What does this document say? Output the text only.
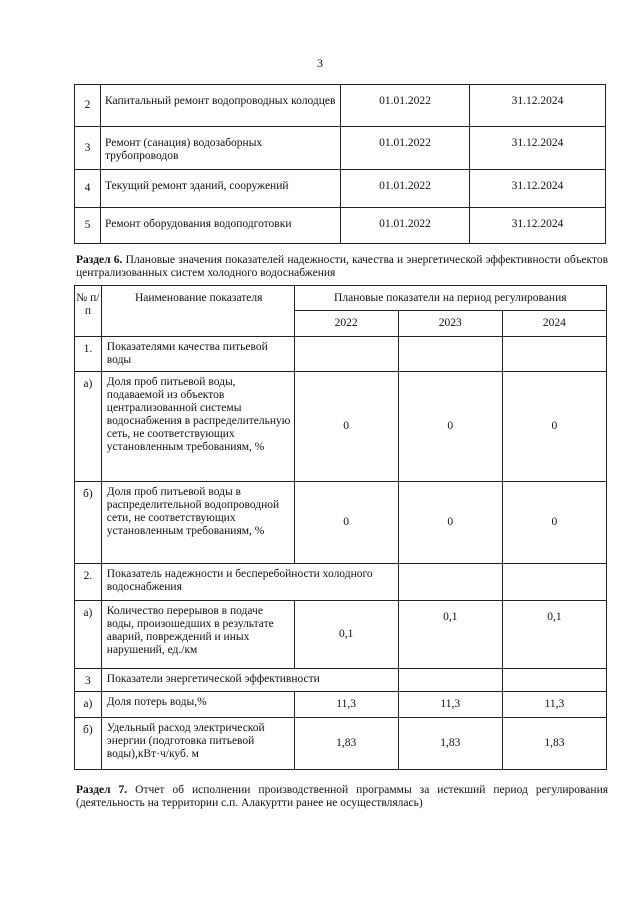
3
2	Капитальный ремонт водопроводных колодцев	01.01.2022	31.12.2024
3	Ремонт (санация) водозаборных трубопроводов	01.01.2022	31.12.2024
4	Текущий ремонт зданий, сооружений	01.01.2022	31.12.2024
5	Ремонт оборудования водоподготовки	01.01.2022	31.12.2024
Раздел 6. Плановые значения показателей надежности, качества и энергетической эффективности объектов централизованных систем холодного водоснабжения
№ п/п	Наименование показателя	Плановые показатели на период регулирования		
		2022	2023	2024
1.	Показателями качества питьевой воды			
а)	Доля проб питьевой воды, подаваемой из объектов централизованной системы водоснабжения в распределительную сеть, не соответствующих установленным требованиям, %	0	0	0
б)	Доля проб питьевой воды в распределительной водопроводной сети, не соответствующих установленным требованиям, %	0	0	0
2.	Показатель надежности и бесперебойности холодного водоснабжения			
а)	Количество перерывов в подаче воды, произошедших в результате аварий, повреждений и иных нарушений, ед./км	0,1	0,1	0,1
3	Показатели энергетической эффективности			
а)	Доля потерь воды,%	11,3	11,3	11,3
б)	Удельный расход электрической энергии (подготовка питьевой воды),кВт·ч/куб. м	1,83	1,83	1,83
Раздел 7. Отчет об исполнении производственной программы за истекший период регулирования (деятельность на территории с.п. Алакуртти ранее не осуществлялась)
